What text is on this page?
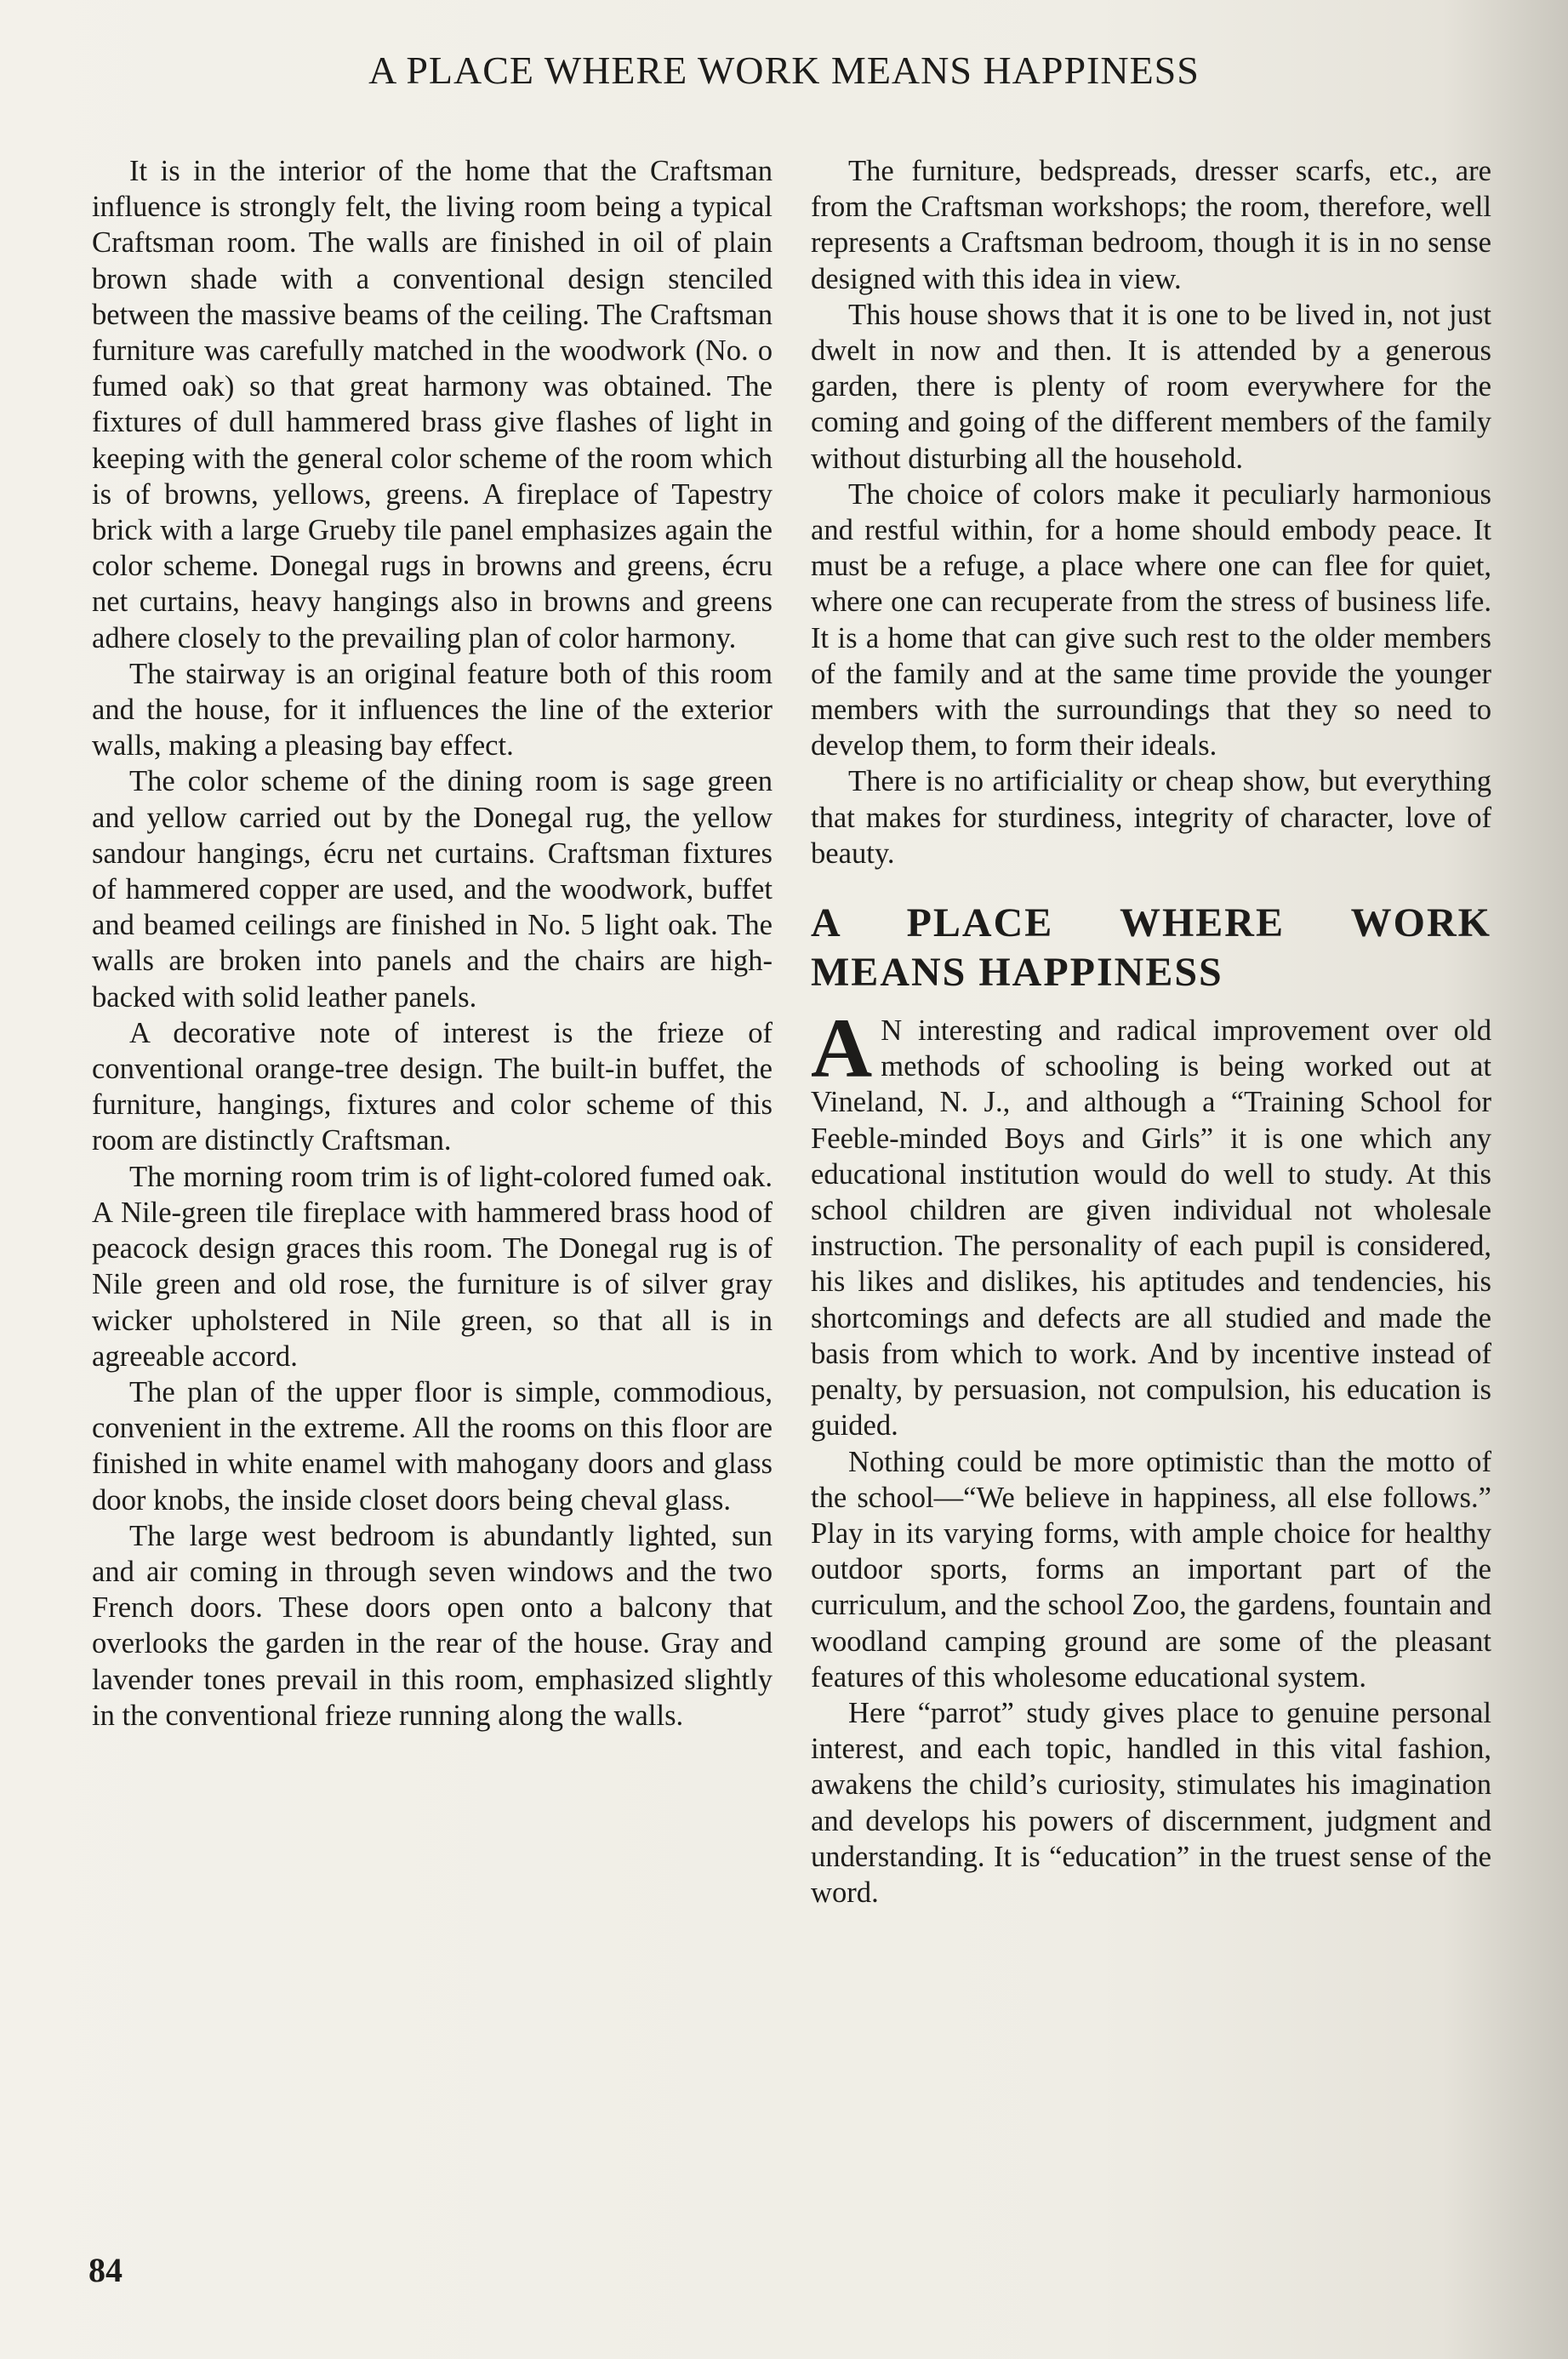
A PLACE WHERE WORK MEANS HAPPINESS

It is in the interior of the home that the Craftsman influence is strongly felt, the living room being a typical Craftsman room. The walls are finished in oil of plain brown shade with a conventional design stenciled between the massive beams of the ceiling. The Craftsman furniture was carefully matched in the woodwork (No. o fumed oak) so that great harmony was obtained. The fixtures of dull hammered brass give flashes of light in keeping with the general color scheme of the room which is of browns, yellows, greens. A fireplace of Tapestry brick with a large Grueby tile panel emphasizes again the color scheme. Donegal rugs in browns and greens, écru net curtains, heavy hangings also in browns and greens adhere closely to the prevailing plan of color harmony.

The stairway is an original feature both of this room and the house, for it influences the line of the exterior walls, making a pleasing bay effect.

The color scheme of the dining room is sage green and yellow carried out by the Donegal rug, the yellow sandour hangings, écru net curtains. Craftsman fixtures of hammered copper are used, and the woodwork, buffet and beamed ceilings are finished in No. 5 light oak. The walls are broken into panels and the chairs are high-backed with solid leather panels.

A decorative note of interest is the frieze of conventional orange-tree design. The built-in buffet, the furniture, hangings, fixtures and color scheme of this room are distinctly Craftsman.

The morning room trim is of light-colored fumed oak. A Nile-green tile fireplace with hammered brass hood of peacock design graces this room. The Donegal rug is of Nile green and old rose, the furniture is of silver gray wicker upholstered in Nile green, so that all is in agreeable accord.

The plan of the upper floor is simple, commodious, convenient in the extreme. All the rooms on this floor are finished in white enamel with mahogany doors and glass door knobs, the inside closet doors being cheval glass.

The large west bedroom is abundantly lighted, sun and air coming in through seven windows and the two French doors. These doors open onto a balcony that overlooks the garden in the rear of the house. Gray and lavender tones prevail in this room, emphasized slightly in the conventional frieze running along the walls.

The furniture, bedspreads, dresser scarfs, etc., are from the Craftsman workshops; the room, therefore, well represents a Craftsman bedroom, though it is in no sense designed with this idea in view.

This house shows that it is one to be lived in, not just dwelt in now and then. It is attended by a generous garden, there is plenty of room everywhere for the coming and going of the different members of the family without disturbing all the household.

The choice of colors make it peculiarly harmonious and restful within, for a home should embody peace. It must be a refuge, a place where one can flee for quiet, where one can recuperate from the stress of business life. It is a home that can give such rest to the older members of the family and at the same time provide the younger members with the surroundings that they so need to develop them, to form their ideals.

There is no artificiality or cheap show, but everything that makes for sturdiness, integrity of character, love of beauty.

A PLACE WHERE WORK
MEANS HAPPINESS

A N interesting and radical improvement over old methods of schooling is being worked out at Vineland, N. J., and although a “Training School for Feeble-minded Boys and Girls” it is one which any educational institution would do well to study. At this school children are given individual not wholesale instruction. The personality of each pupil is considered, his likes and dislikes, his aptitudes and tendencies, his shortcomings and defects are all studied and made the basis from which to work. And by incentive instead of penalty, by persuasion, not compulsion, his education is guided.

Nothing could be more optimistic than the motto of the school—“We believe in happiness, all else follows.” Play in its varying forms, with ample choice for healthy outdoor sports, forms an important part of the curriculum, and the school Zoo, the gardens, fountain and woodland camping ground are some of the pleasant features of this wholesome educational system.

Here “parrot” study gives place to genuine personal interest, and each topic, handled in this vital fashion, awakens the child’s curiosity, stimulates his imagination and develops his powers of discernment, judgment and understanding. It is “education” in the truest sense of the word.

84
